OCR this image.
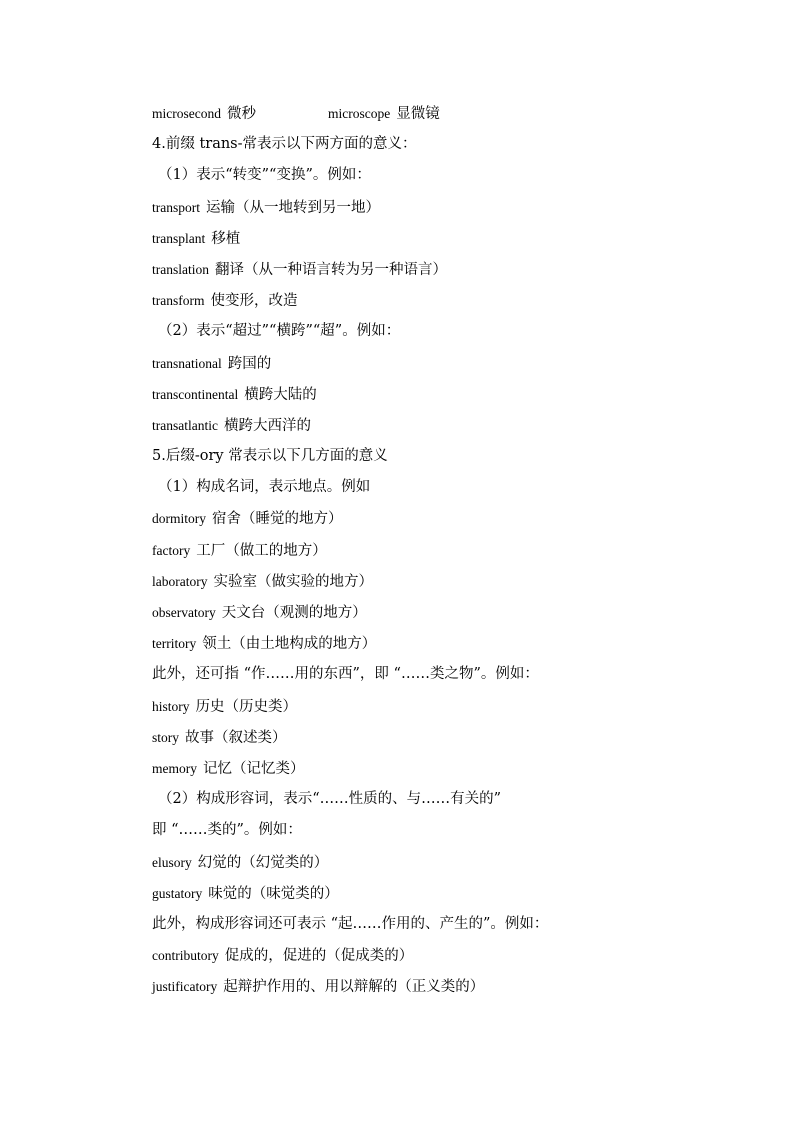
microsecond 微秒	microscope 显微镜
4.前缀 trans-常表示以下两方面的意义：
（1）表示“转变”“变换”。例如：
transport 运输（从一地转到另一地）
transplant 移植
translation 翻译（从一种语言转为另一种语言）
transform 使变形，改造
（2）表示“超过”“横跨”“超”。例如：
transnational 跨国的
transcontinental 横跨大陆的
transatlantic 横跨大西洋的
5.后缀-ory 常表示以下几方面的意义
（1）构成名词，表示地点。例如
dormitory 宿舍（睡觉的地方）
factory 工厂（做工的地方）
laboratory 实验室（做实验的地方）
observatory 天文台（观测的地方）
territory 领土（由土地构成的地方）
此外，还可指 “作……用的东西”，即 “……类之物”。例如：
history 历史（历史类）
story 故事（叙述类）
memory 记忆（记忆类）
（2）构成形容词，表示“……性质的、与……有关的”
即 “……类的”。例如：
elusory 幻觉的（幻觉类的）
gustatory 味觉的（味觉类的）
此外，构成形容词还可表示 “起……作用的、产生的”。例如：
contributory 促成的，促进的（促成类的）
justificatory 起辩护作用的、用以辩解的（正义类的）
